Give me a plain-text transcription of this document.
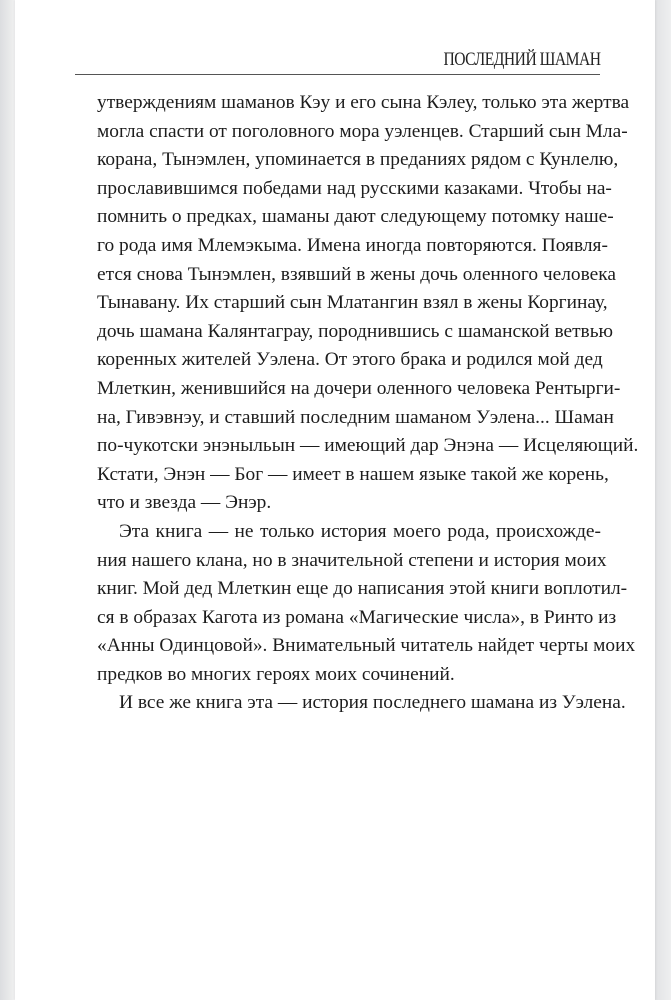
ПОСЛЕДНИЙ ШАМАН
утверждениям шаманов Кэу и его сына Кэлеу, только эта жертва
могла спасти от поголовного мора уэленцев. Старший сын Мла-
корана, Тынэмлен, упоминается в преданиях рядом с Кунлелю,
прославившимся победами над русскими казаками. Чтобы на-
помнить о предках, шаманы дают следующему потомку наше-
го рода имя Млемэкыма. Имена иногда повторяются. Появля-
ется снова Тынэмлен, взявший в жены дочь оленного человека
Тынавану. Их старший сын Млатангин взял в жены Коргинау,
дочь шамана Калянтаграу, породнившись с шаманской ветвью
коренных жителей Уэлена. От этого брака и родился мой дед
Млеткин, женившийся на дочери оленного человека Рентырги-
на, Гивэвнэу, и ставший последним шаманом Уэлена... Шаман
по-чукотски энэныльын — имеющий дар Энэна — Исцеляющий.
Кстати, Энэн — Бог — имеет в нашем языке такой же корень,
что и звезда — Энэр.
Эта книга — не только история моего рода, происхожде-
ния нашего клана, но в значительной степени и история моих
книг. Мой дед Млеткин еще до написания этой книги воплотил-
ся в образах Кагота из романа «Магические числа», в Ринто из
«Анны Одинцовой». Внимательный читатель найдет черты моих
предков во многих героях моих сочинений.
И все же книга эта — история последнего шамана из Уэлена.
